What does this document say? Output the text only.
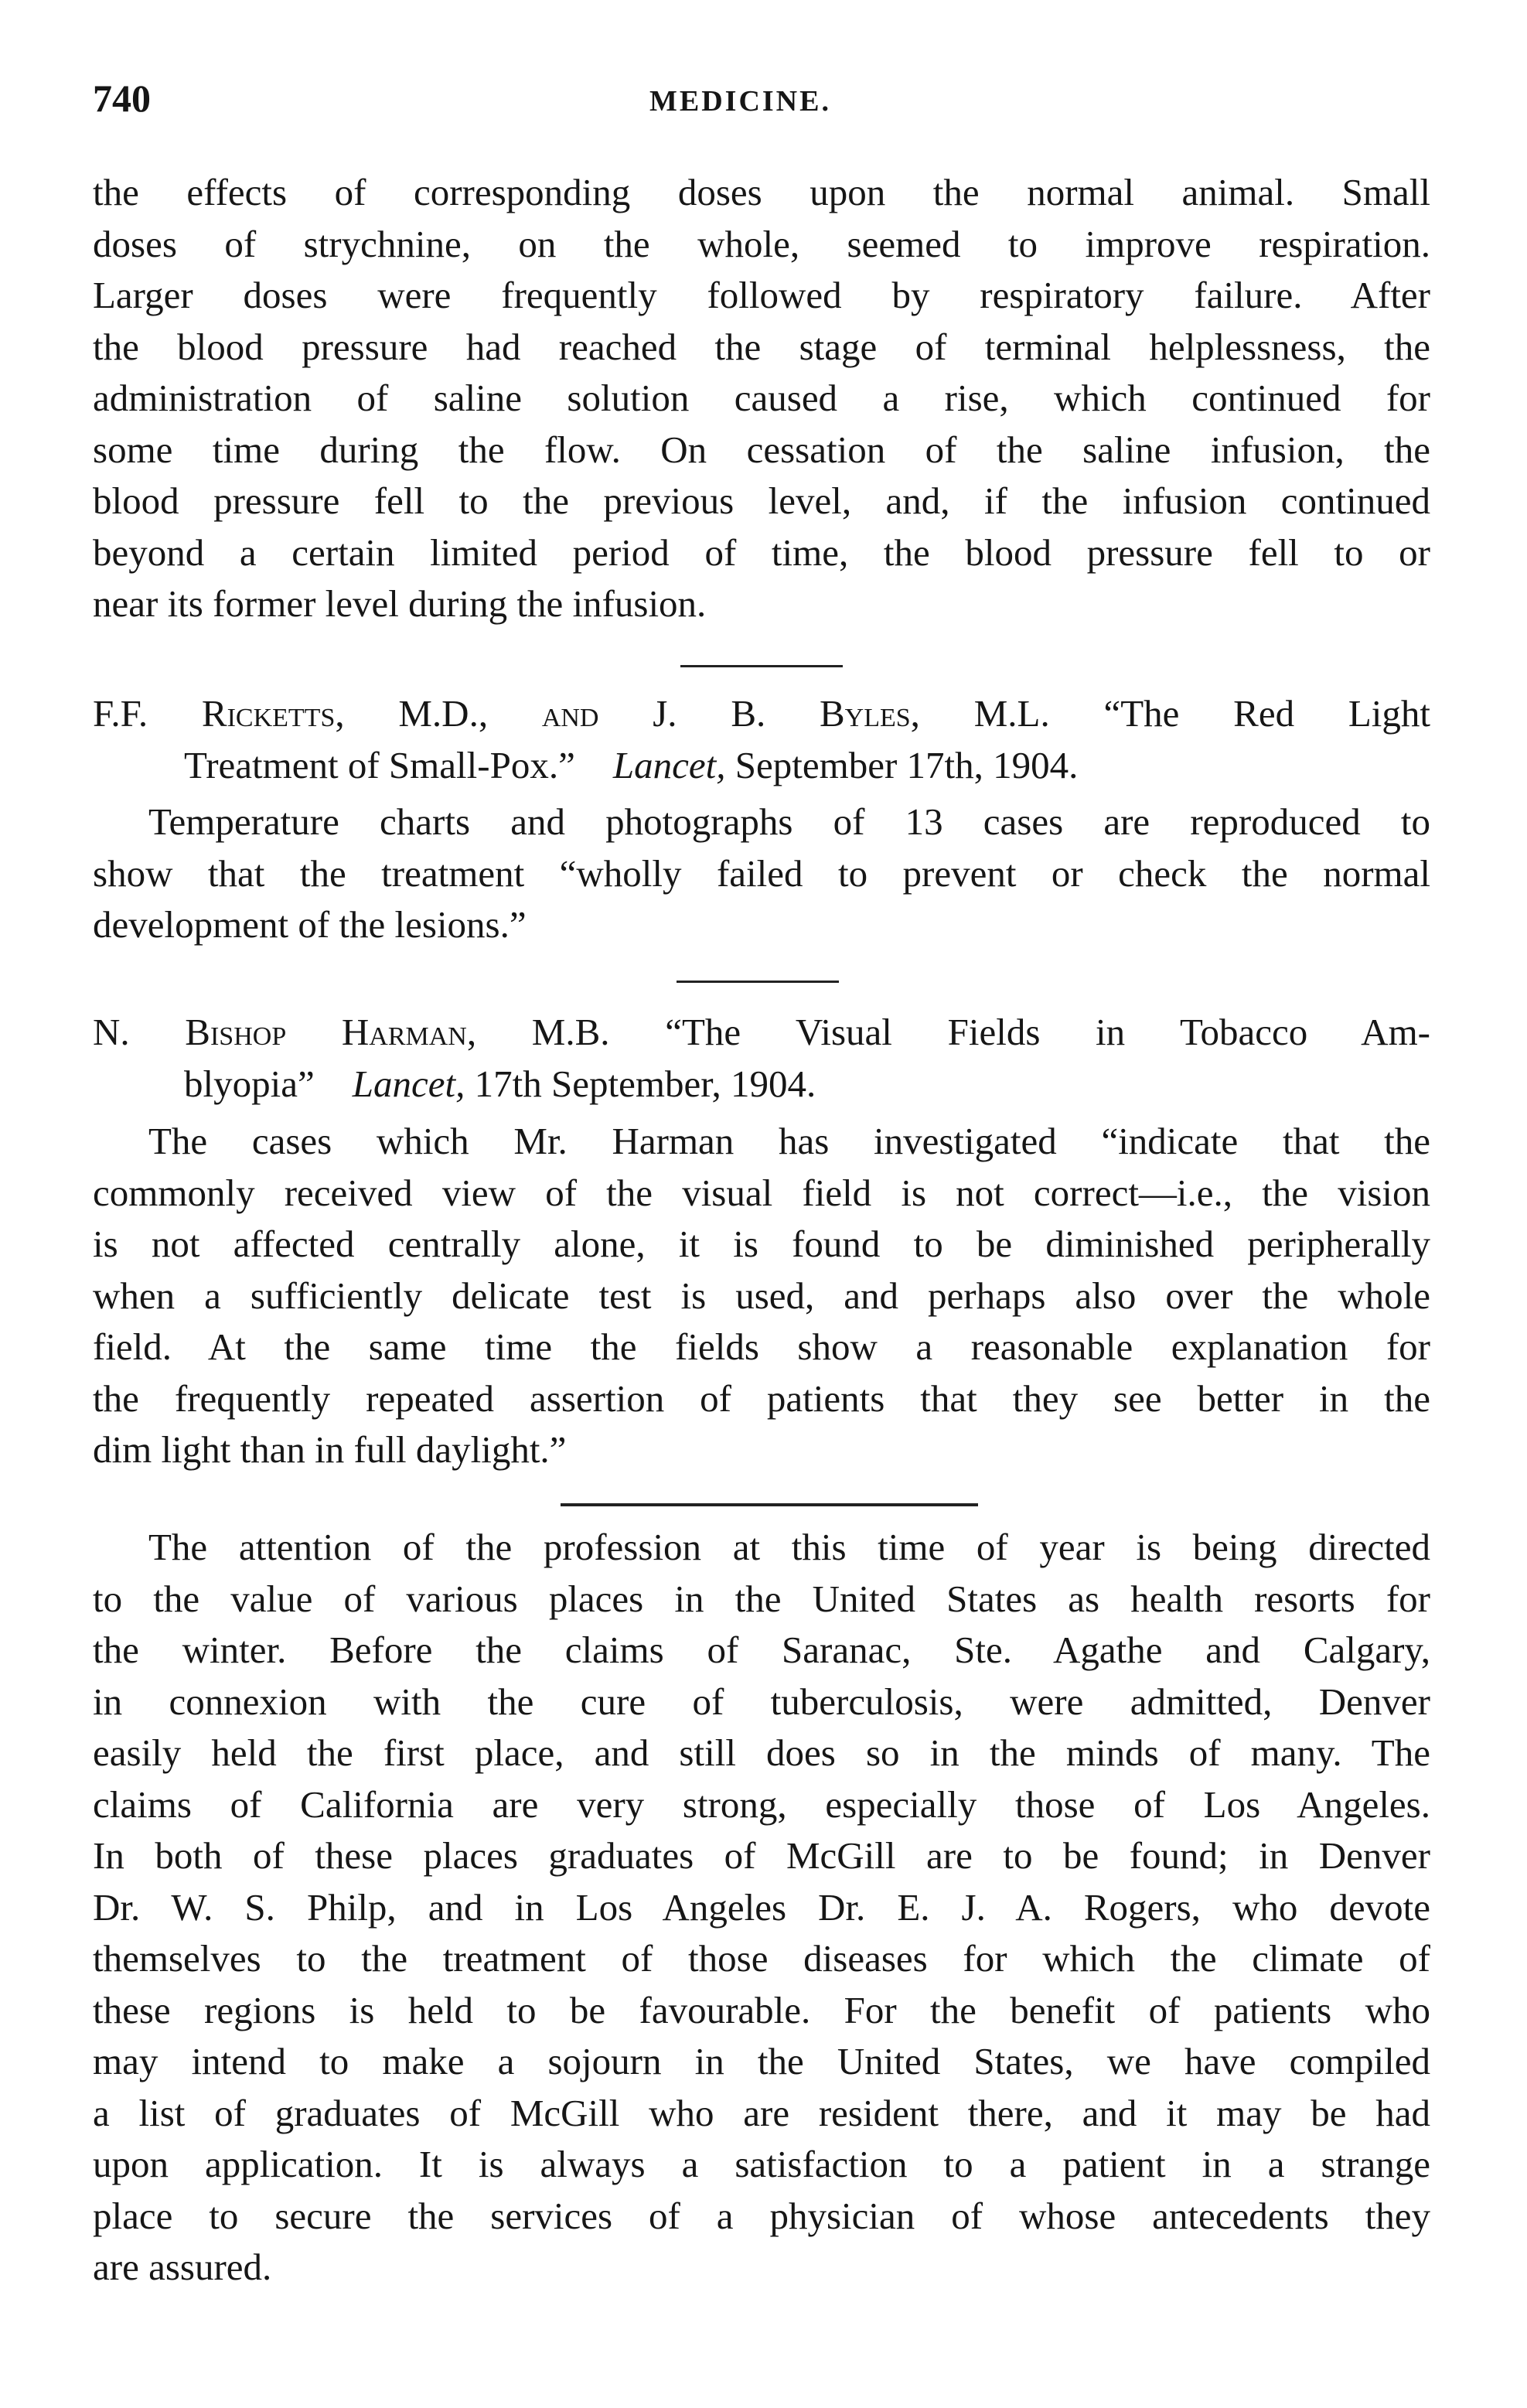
740	MEDICINE.
the effects of corresponding doses upon the normal animal. Small
doses of strychnine, on the whole, seemed to improve respiration.
Larger doses were frequently followed by respiratory failure. After
the blood pressure had reached the stage of terminal helplessness, the
administration of saline solution caused a rise, which continued for
some time during the flow. On cessation of the saline infusion, the
blood pressure fell to the previous level, and, if the infusion continued
beyond a certain limited period of time, the blood pressure fell to or
near its former level during the infusion.
F.F. Ricketts, M.D., and J. B. Byles, M.L. “The Red Light
Treatment of Small-Pox.” Lancet, September 17th, 1904.
Temperature charts and photographs of 13 cases are reproduced to
show that the treatment “wholly failed to prevent or check the normal
development of the lesions.”
N. Bishop Harman, M.B. “The Visual Fields in Tobacco Am-
blyopia” Lancet, 17th September, 1904.
The cases which Mr. Harman has investigated “indicate that the
commonly received view of the visual field is not correct—i.e., the vision
is not affected centrally alone, it is found to be diminished peripherally
when a sufficiently delicate test is used, and perhaps also over the whole
field. At the same time the fields show a reasonable explanation for
the frequently repeated assertion of patients that they see better in the
dim light than in full daylight.”
The attention of the profession at this time of year is being directed
to the value of various places in the United States as health resorts for
the winter. Before the claims of Saranac, Ste. Agathe and Calgary,
in connexion with the cure of tuberculosis, were admitted, Denver
easily held the first place, and still does so in the minds of many. The
claims of California are very strong, especially those of Los Angeles.
In both of these places graduates of McGill are to be found; in Denver
Dr. W. S. Philp, and in Los Angeles Dr. E. J. A. Rogers, who devote
themselves to the treatment of those diseases for which the climate of
these regions is held to be favourable. For the benefit of patients who
may intend to make a sojourn in the United States, we have compiled
a list of graduates of McGill who are resident there, and it may be had
upon application. It is always a satisfaction to a patient in a strange
place to secure the services of a physician of whose antecedents they
are assured.
